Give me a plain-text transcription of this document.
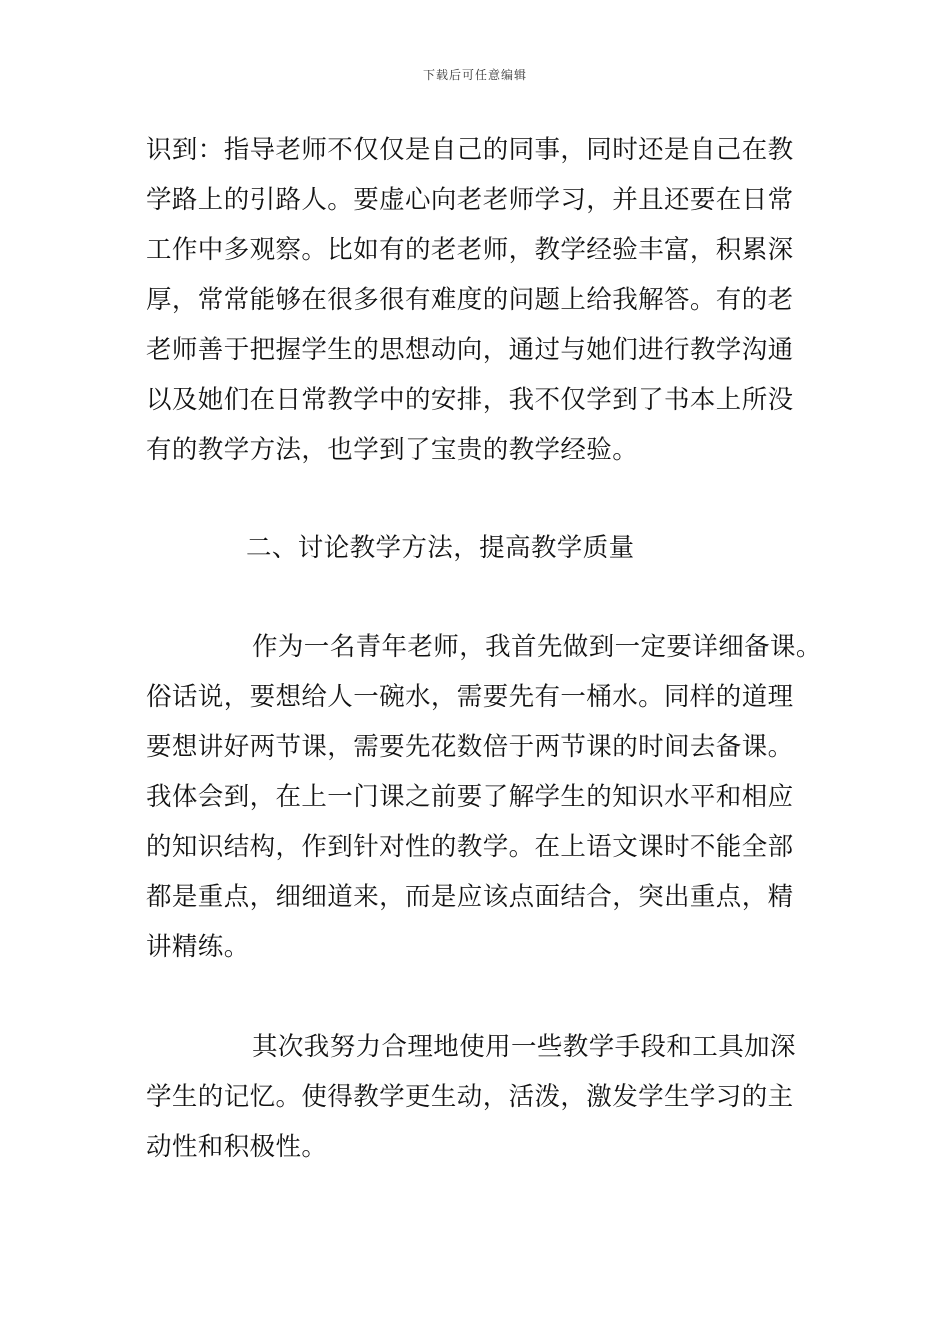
下载后可任意编辑
识到：指导老师不仅仅是自己的同事，同时还是自己在教
学路上的引路人。要虚心向老老师学习，并且还要在日常
工作中多观察。比如有的老老师，教学经验丰富，积累深
厚，常常能够在很多很有难度的问题上给我解答。有的老
老师善于把握学生的思想动向，通过与她们进行教学沟通
以及她们在日常教学中的安排，我不仅学到了书本上所没
有的教学方法，也学到了宝贵的教学经验。
二、讨论教学方法，提高教学质量
作为一名青年老师，我首先做到一定要详细备课。
俗话说，要想给人一碗水，需要先有一桶水。同样的道理
要想讲好两节课，需要先花数倍于两节课的时间去备课。
我体会到，在上一门课之前要了解学生的知识水平和相应
的知识结构，作到针对性的教学。在上语文课时不能全部
都是重点，细细道来，而是应该点面结合，突出重点，精
讲精练。
其次我努力合理地使用一些教学手段和工具加深
学生的记忆。使得教学更生动，活泼，激发学生学习的主
动性和积极性。
